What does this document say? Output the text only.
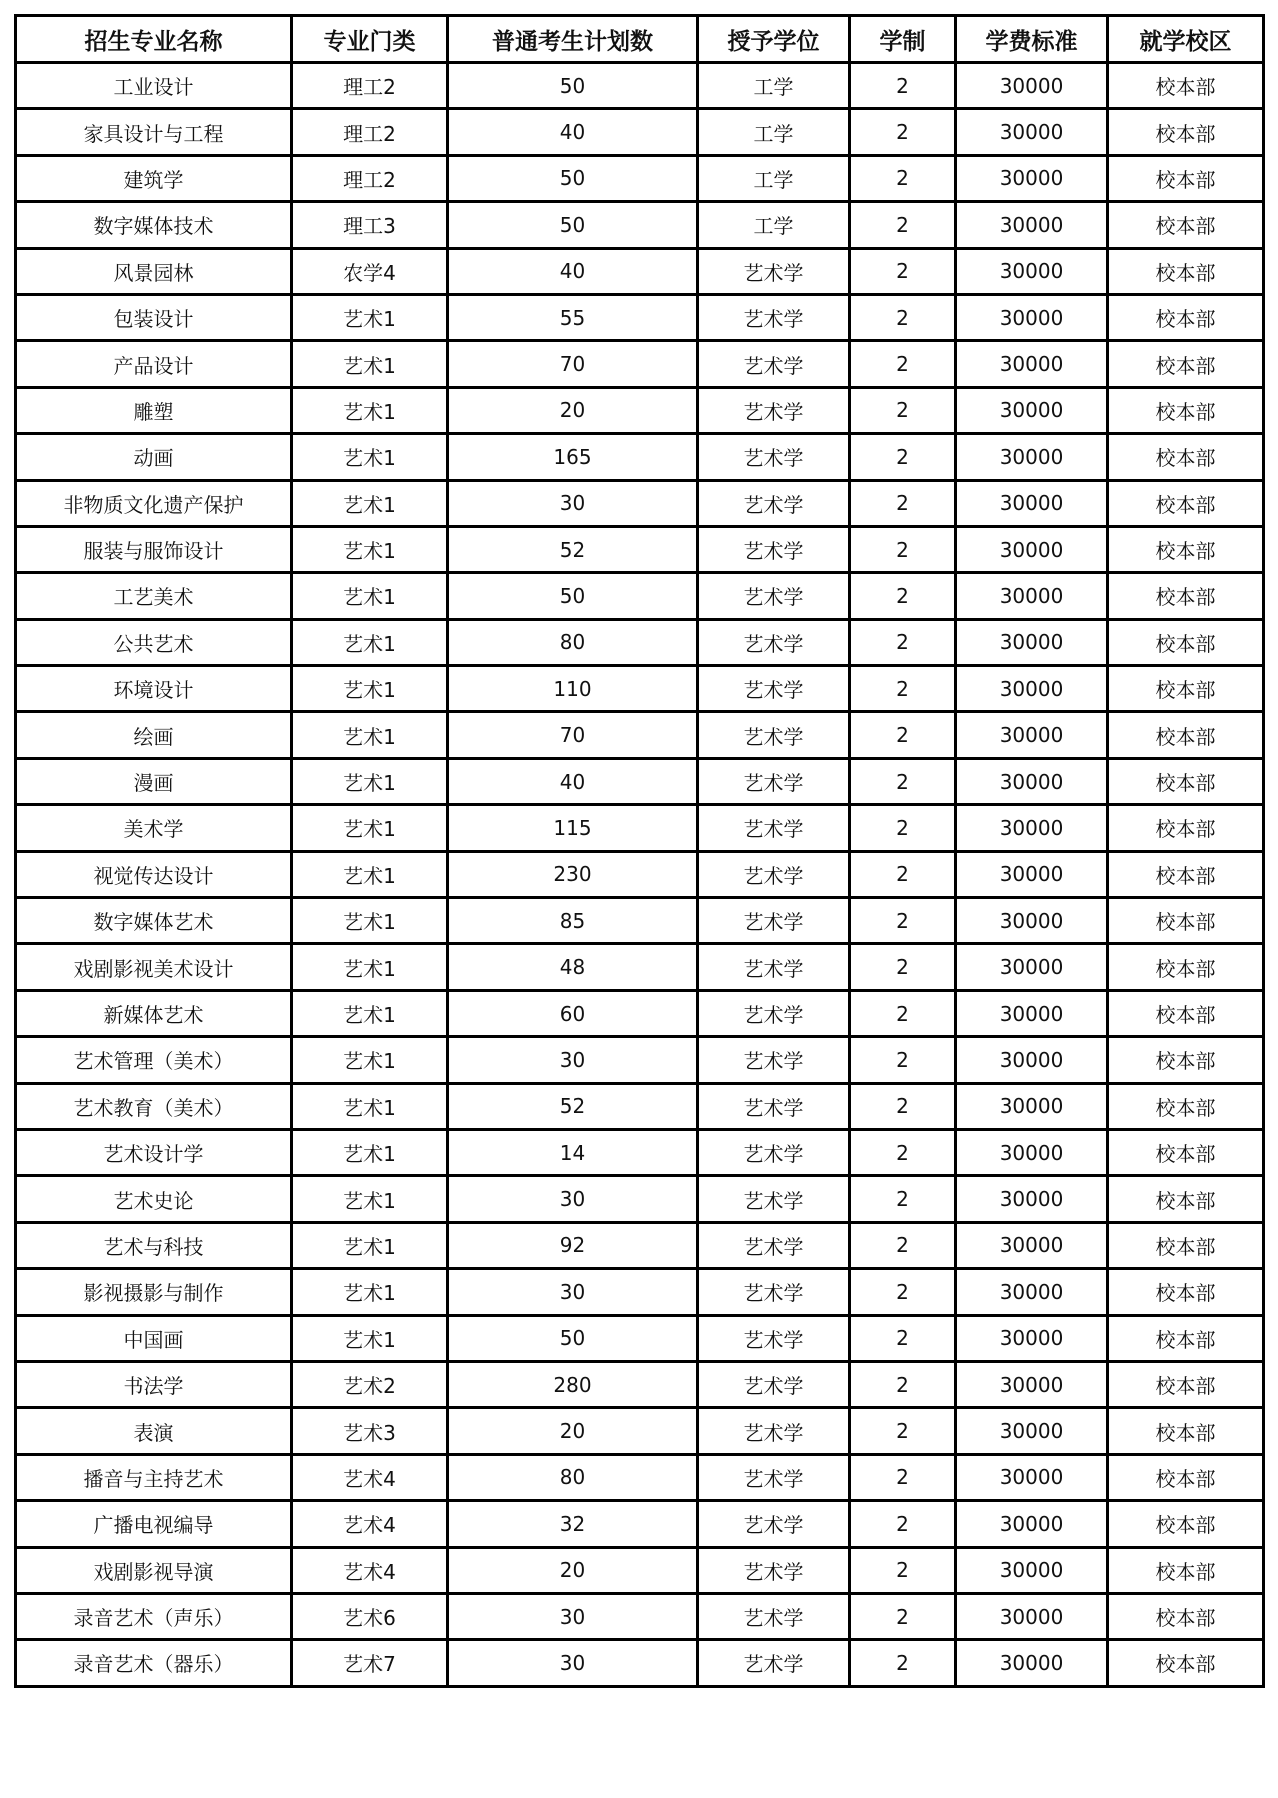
招生专业名称	专业门类	普通考生计划数	授予学位	学制	学费标准	就学校区
工业设计	理工2	50	工学	2	30000	校本部
家具设计与工程	理工2	40	工学	2	30000	校本部
建筑学	理工2	50	工学	2	30000	校本部
数字媒体技术	理工3	50	工学	2	30000	校本部
风景园林	农学4	40	艺术学	2	30000	校本部
包装设计	艺术1	55	艺术学	2	30000	校本部
产品设计	艺术1	70	艺术学	2	30000	校本部
雕塑	艺术1	20	艺术学	2	30000	校本部
动画	艺术1	165	艺术学	2	30000	校本部
非物质文化遗产保护	艺术1	30	艺术学	2	30000	校本部
服装与服饰设计	艺术1	52	艺术学	2	30000	校本部
工艺美术	艺术1	50	艺术学	2	30000	校本部
公共艺术	艺术1	80	艺术学	2	30000	校本部
环境设计	艺术1	110	艺术学	2	30000	校本部
绘画	艺术1	70	艺术学	2	30000	校本部
漫画	艺术1	40	艺术学	2	30000	校本部
美术学	艺术1	115	艺术学	2	30000	校本部
视觉传达设计	艺术1	230	艺术学	2	30000	校本部
数字媒体艺术	艺术1	85	艺术学	2	30000	校本部
戏剧影视美术设计	艺术1	48	艺术学	2	30000	校本部
新媒体艺术	艺术1	60	艺术学	2	30000	校本部
艺术管理（美术）	艺术1	30	艺术学	2	30000	校本部
艺术教育（美术）	艺术1	52	艺术学	2	30000	校本部
艺术设计学	艺术1	14	艺术学	2	30000	校本部
艺术史论	艺术1	30	艺术学	2	30000	校本部
艺术与科技	艺术1	92	艺术学	2	30000	校本部
影视摄影与制作	艺术1	30	艺术学	2	30000	校本部
中国画	艺术1	50	艺术学	2	30000	校本部
书法学	艺术2	280	艺术学	2	30000	校本部
表演	艺术3	20	艺术学	2	30000	校本部
播音与主持艺术	艺术4	80	艺术学	2	30000	校本部
广播电视编导	艺术4	32	艺术学	2	30000	校本部
戏剧影视导演	艺术4	20	艺术学	2	30000	校本部
录音艺术（声乐）	艺术6	30	艺术学	2	30000	校本部
录音艺术（器乐）	艺术7	30	艺术学	2	30000	校本部
